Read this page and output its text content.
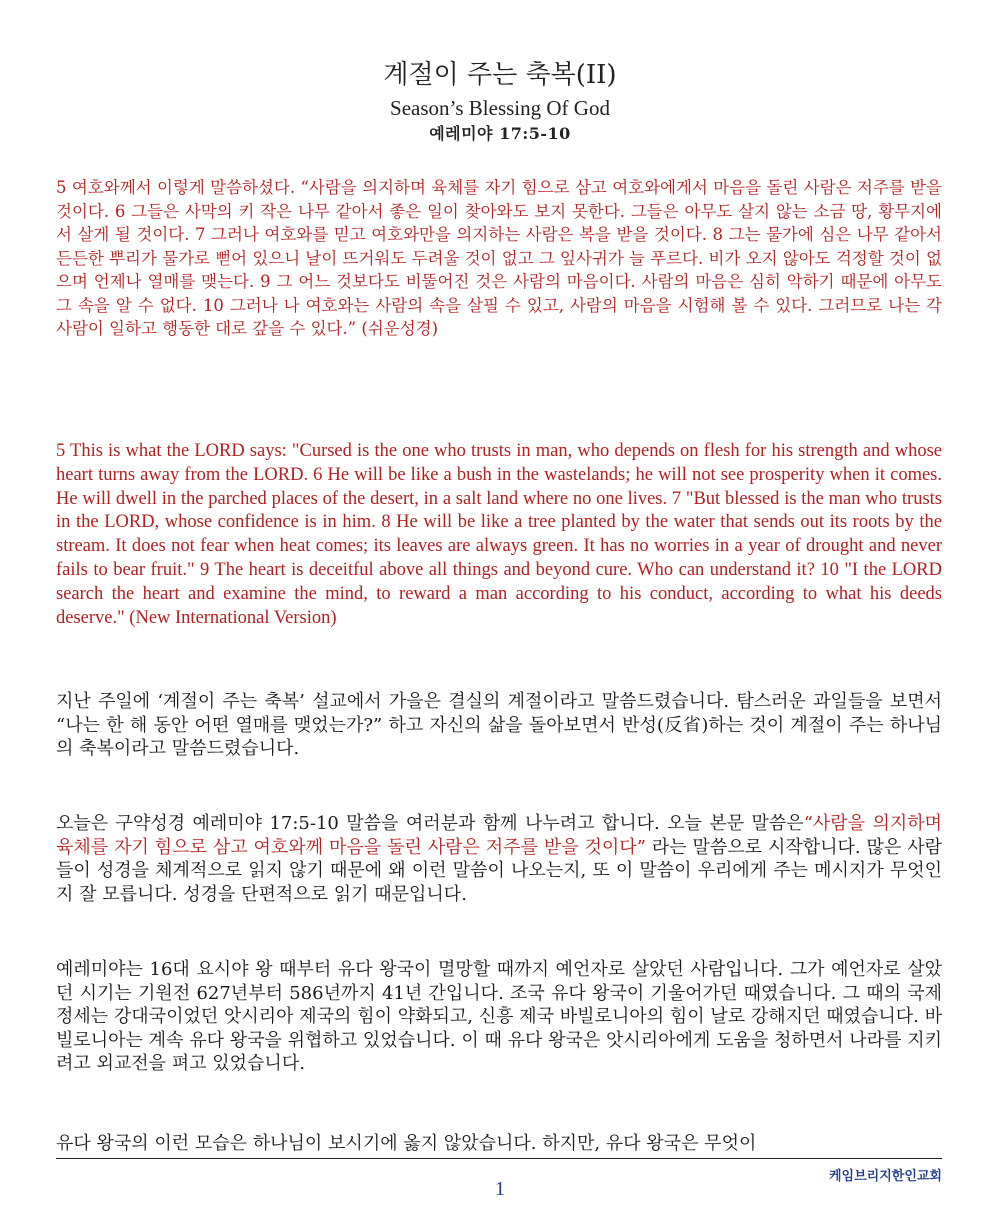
계절이 주는 축복(II)
Season’s Blessing Of God
예레미야 17:5-10
5 여호와께서 이렇게 말씀하셨다. “사람을 의지하며 육체를 자기 힘으로 삼고 여호와에게서 마음을 돌린 사람은 저주를 받을 것이다. 6 그들은 사막의 키 작은 나무 같아서 좋은 일이 찾아와도 보지 못한다. 그들은 아무도 살지 않는 소금 땅, 황무지에서 살게 될 것이다. 7 그러나 여호와를 믿고 여호와만을 의지하는 사람은 복을 받을 것이다. 8 그는 물가에 심은 나무 같아서 든든한 뿌리가 물가로 뻗어 있으니 날이 뜨거워도 두려울 것이 없고 그 잎사귀가 늘 푸르다. 비가 오지 않아도 걱정할 것이 없으며 언제나 열매를 맺는다. 9 그 어느 것보다도 비뚤어진 것은 사람의 마음이다. 사람의 마음은 심히 악하기 때문에 아무도 그 속을 알 수 없다. 10 그러나 나 여호와는 사람의 속을 살필 수 있고, 사람의 마음을 시험해 볼 수 있다. 그러므로 나는 각 사람이 일하고 행동한 대로 갚을 수 있다.” (쉬운성경)
5 This is what the LORD says: "Cursed is the one who trusts in man, who depends on flesh for his strength and whose heart turns away from the LORD. 6 He will be like a bush in the wastelands; he will not see prosperity when it comes. He will dwell in the parched places of the desert, in a salt land where no one lives. 7 "But blessed is the man who trusts in the LORD, whose confidence is in him. 8 He will be like a tree planted by the water that sends out its roots by the stream. It does not fear when heat comes; its leaves are always green. It has no worries in a year of drought and never fails to bear fruit." 9 The heart is deceitful above all things and beyond cure. Who can understand it? 10 "I the LORD search the heart and examine the mind, to reward a man according to his conduct, according to what his deeds deserve." (New International Version)
지난 주일에 ‘계절이 주는 축복’ 설교에서 가을은 결실의 계절이라고 말씀드렸습니다. 탐스러운 과일들을 보면서 “나는 한 해 동안 어떤 열매를 맺었는가?” 하고 자신의 삶을 돌아보면서 반성(反省)하는 것이 계절이 주는 하나님의 축복이라고 말씀드렸습니다.
오늘은 구약성경 예레미야 17:5-10 말씀을 여러분과 함께 나누려고 합니다. 오늘 본문 말씀은“사람을 의지하며 육체를 자기 힘으로 삼고 여호와께 마음을 돌린 사람은 저주를 받을 것이다” 라는 말씀으로 시작합니다. 많은 사람들이 성경을 체계적으로 읽지 않기 때문에 왜 이런 말씀이 나오는지, 또 이 말씀이 우리에게 주는 메시지가 무엇인지 잘 모릅니다. 성경을 단편적으로 읽기 때문입니다.
예레미야는 16대 요시야 왕 때부터 유다 왕국이 멸망할 때까지 예언자로 살았던 사람입니다. 그가 예언자로 살았던 시기는 기원전 627년부터 586년까지 41년 간입니다. 조국 유다 왕국이 기울어가던 때였습니다. 그 때의 국제 정세는 강대국이었던 앗시리아 제국의 힘이 약화되고, 신흥 제국 바빌로니아의 힘이 날로 강해지던 때였습니다. 바빌로니아는 계속 유다 왕국을 위협하고 있었습니다. 이 때 유다 왕국은 앗시리아에게 도움을 청하면서 나라를 지키려고 외교전을 펴고 있었습니다.
유다 왕국의 이런 모습은 하나님이 보시기에 옳지 않았습니다. 하지만, 유다 왕국은 무엇이
케임브리지한인교회
1
